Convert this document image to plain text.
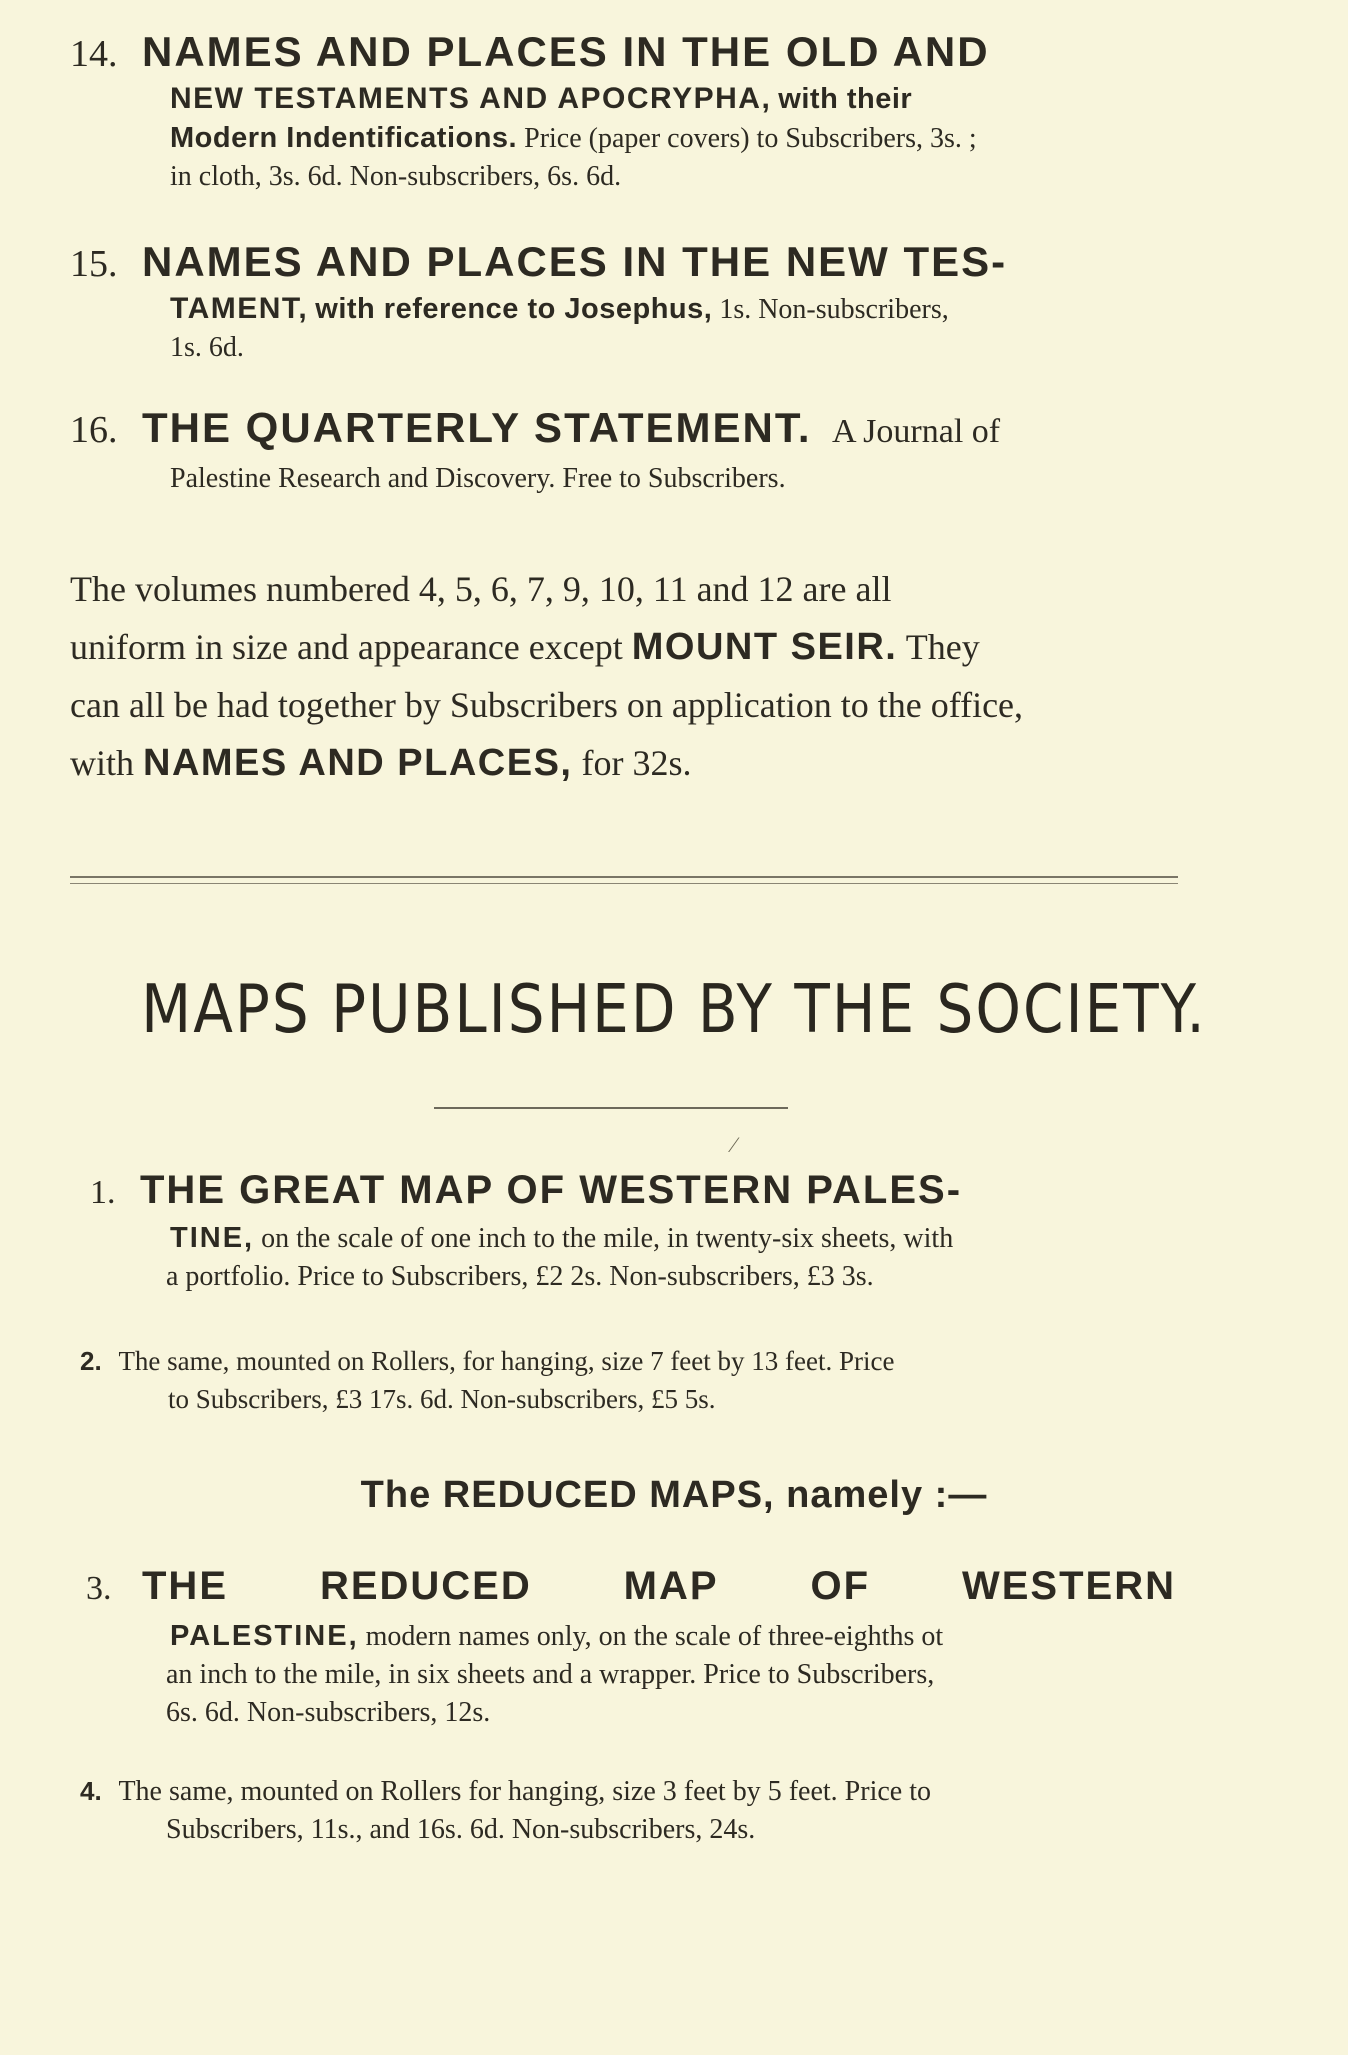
14. NAMES AND PLACES IN THE OLD AND
NEW TESTAMENTS AND APOCRYPHA, with their
Modern Indentifications. Price (paper covers) to Subscribers, 3s. ;
in cloth, 3s. 6d. Non-subscribers, 6s. 6d.
15. NAMES AND PLACES IN THE NEW TES-
TAMENT, with reference to Josephus, 1s. Non-subscribers,
1s. 6d.
16. THE QUARTERLY STATEMENT. A Journal of
Palestine Research and Discovery. Free to Subscribers.
The volumes numbered 4, 5, 6, 7, 9, 10, 11 and 12 are all
uniform in size and appearance except MOUNT SEIR. They
can all be had together by Subscribers on application to the office,
with NAMES AND PLACES, for 32s.
MAPS PUBLISHED BY THE SOCIETY.
⁄
1. THE GREAT MAP OF WESTERN PALES-
TINE, on the scale of one inch to the mile, in twenty-six sheets, with
a portfolio. Price to Subscribers, £2 2s. Non-subscribers, £3 3s.
2. The same, mounted on Rollers, for hanging, size 7 feet by 13 feet. Price
to Subscribers, £3 17s. 6d. Non-subscribers, £5 5s.
The REDUCED MAPS, namely :—
3. THE REDUCED MAP OF WESTERN
PALESTINE, modern names only, on the scale of three-eighths ot
an inch to the mile, in six sheets and a wrapper. Price to Subscribers,
6s. 6d. Non-subscribers, 12s.
4. The same, mounted on Rollers for hanging, size 3 feet by 5 feet. Price to
Subscribers, 11s., and 16s. 6d. Non-subscribers, 24s.
